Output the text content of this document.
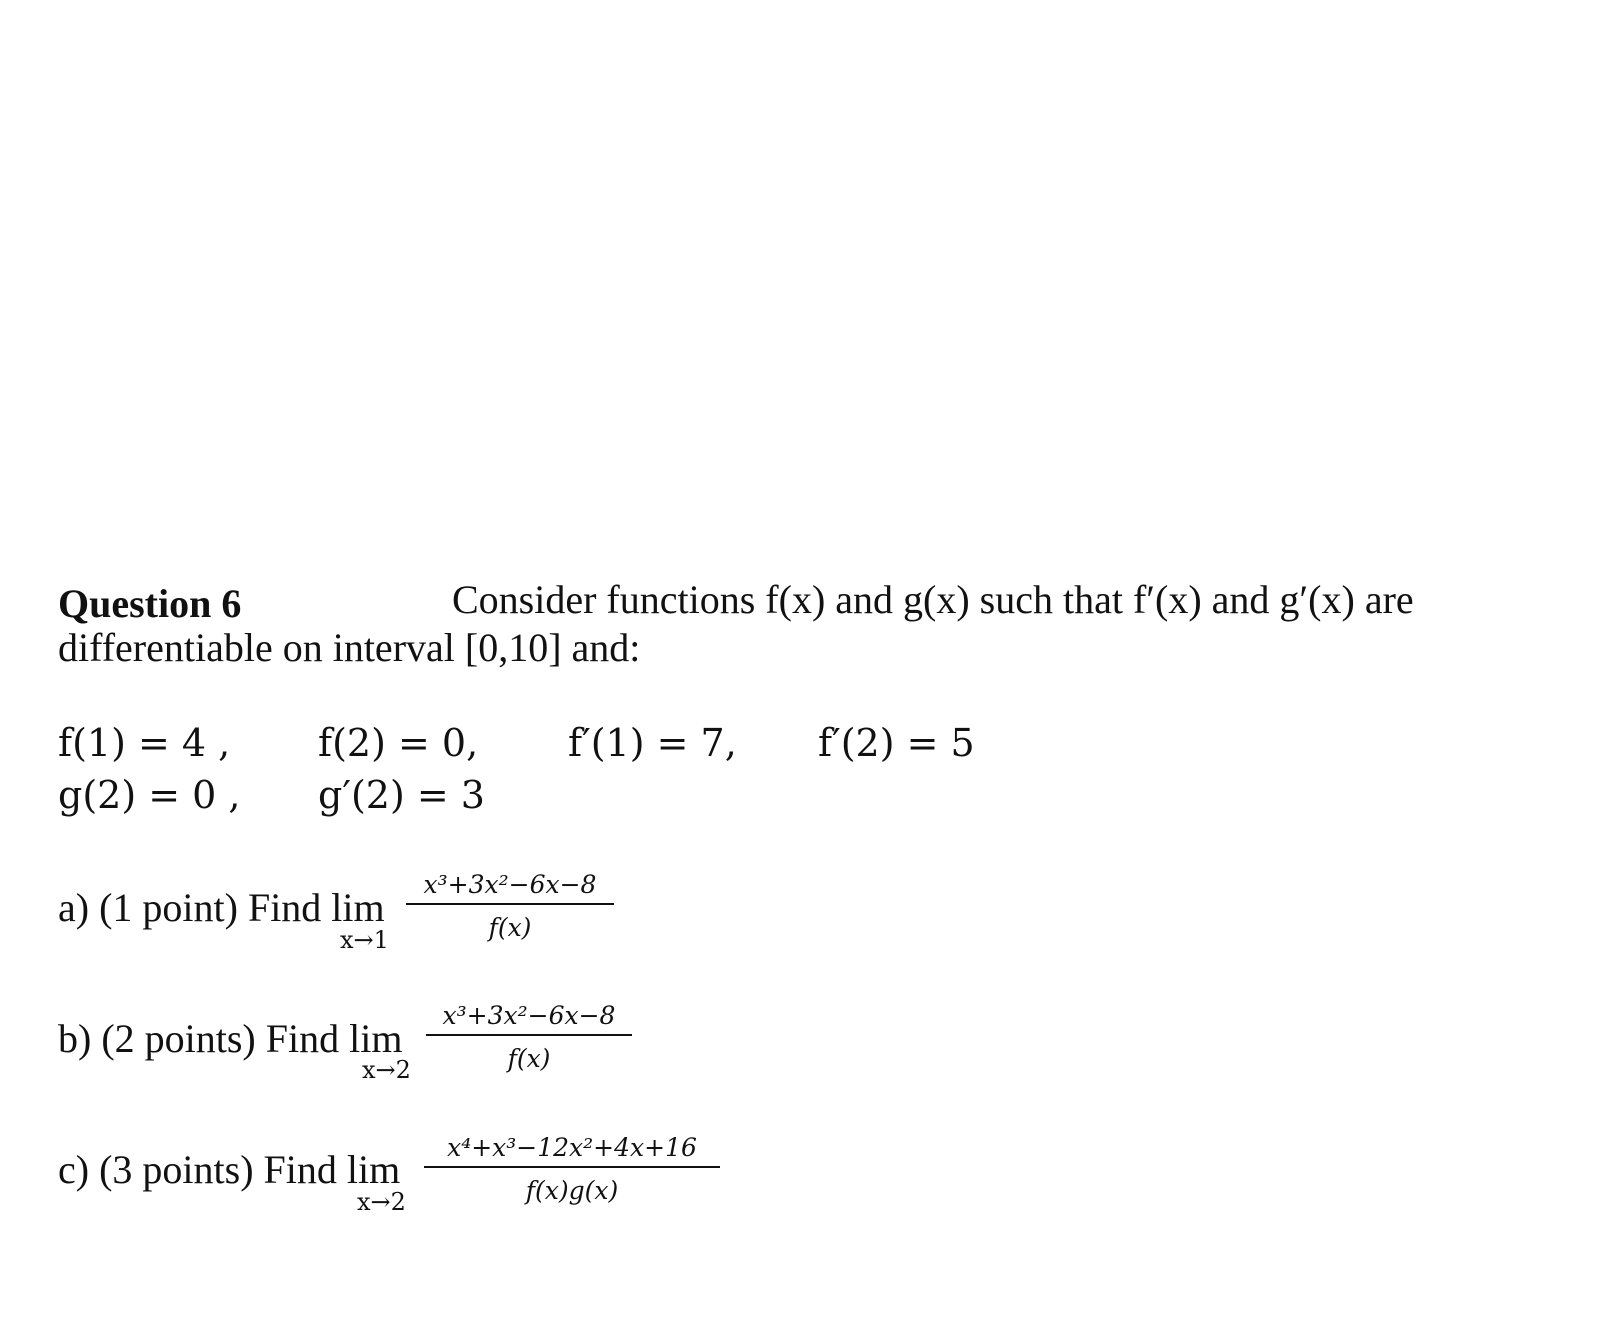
Question 6	Consider functions f(x) and g(x) such that f′(x) and g′(x) are
differentiable on interval [0,10] and:
f(1) = 4 , f(2) = 0, f′(1) = 7, f′(2) = 5
g(2) = 0 , g′(2) = 3
a) (1 point) Find lim
x→1
x³+3x²−6x−8
f(x)
b) (2 points) Find lim
x→2
x³+3x²−6x−8
f(x)
c) (3 points) Find lim
x→2
x⁴+x³−12x²+4x+16
f(x)g(x)
